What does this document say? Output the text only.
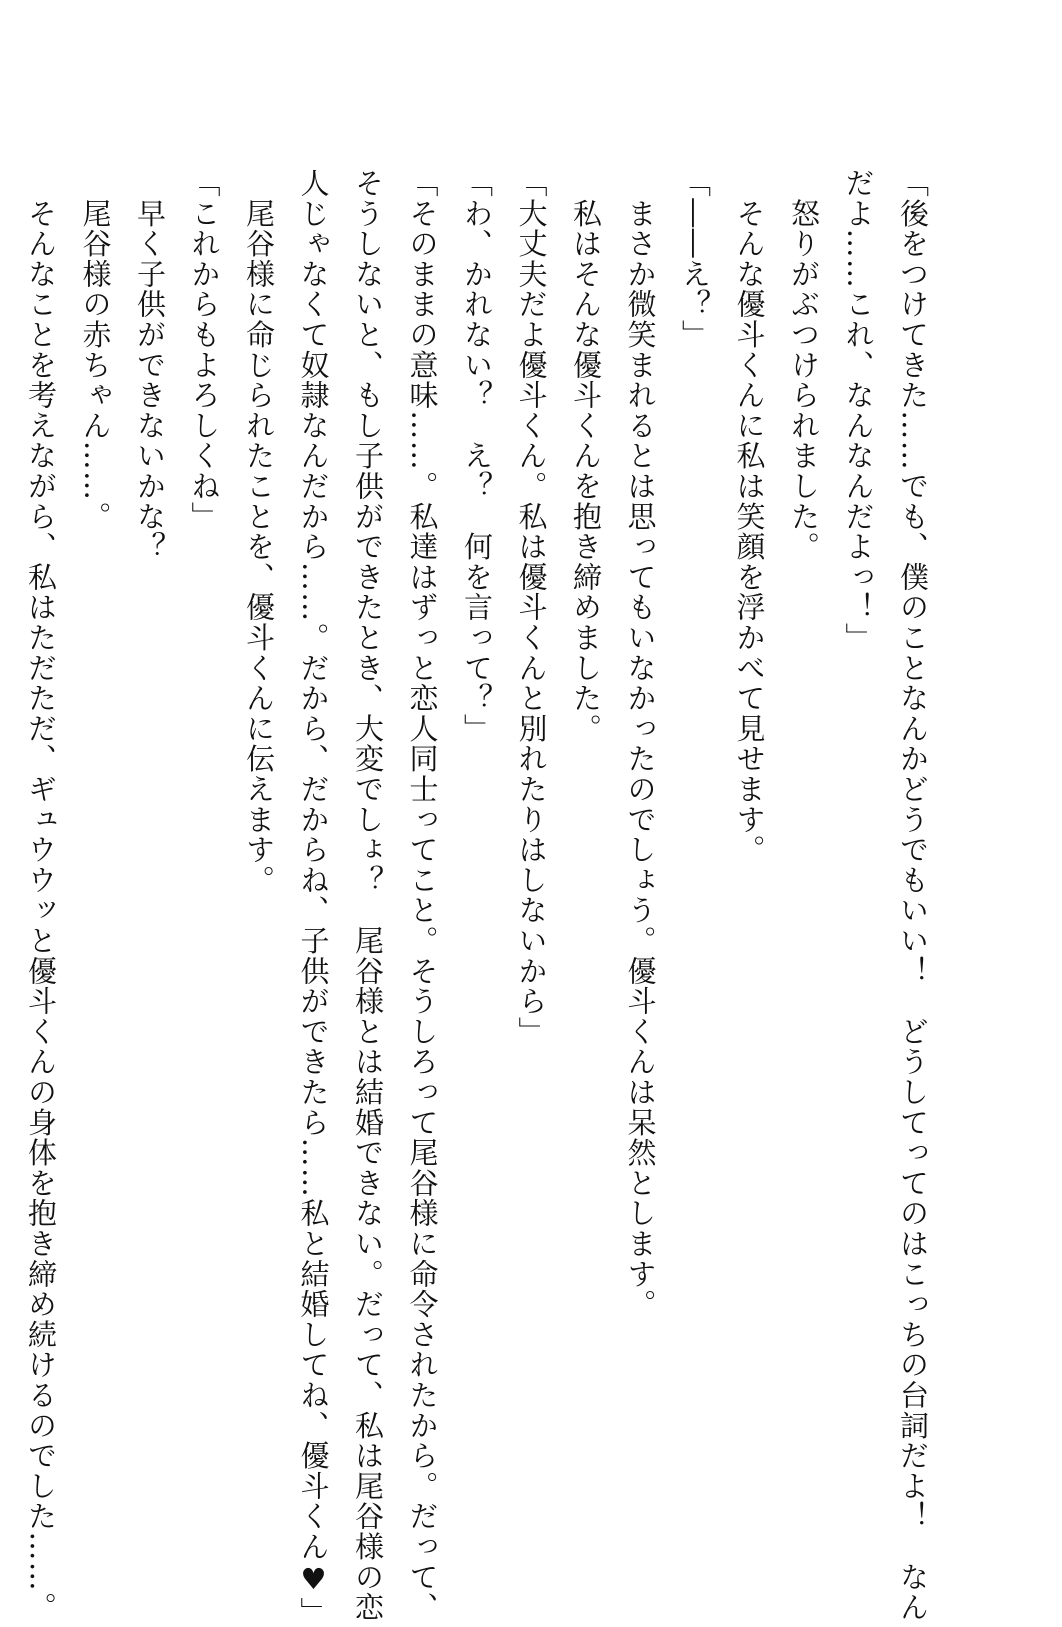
「後をつけてきた……でも、僕のことなんかどうでもいい！　どうしてってのはこっちの台詞だよ！　なん
だよ……これ、なんなんだよっ！」
　怒りがぶつけられました。
　そんな優斗くんに私は笑顔を浮かべて見せます。
「――え？」
　まさか微笑まれるとは思ってもいなかったのでしょう。優斗くんは呆然とします。
　私はそんな優斗くんを抱き締めました。
「大丈夫だよ優斗くん。私は優斗くんと別れたりはしないから」
「わ、かれない？　え？　何を言って？」
「そのままの意味……。私達はずっと恋人同士ってこと。そうしろって尾谷様に命令されたから。だって、
そうしないと、もし子供ができたとき、大変でしょ？　尾谷様とは結婚できない。だって、私は尾谷様の恋
人じゃなくて奴隷なんだから……。だから、だからね、子供ができたら……私と結婚してね、優斗くん♥」
　尾谷様に命じられたことを、優斗くんに伝えます。
「これからもよろしくね」
　早く子供ができないかな？
　尾谷様の赤ちゃん……。
　そんなことを考えながら、私はただただ、ギュウウッと優斗くんの身体を抱き締め続けるのでした……。
